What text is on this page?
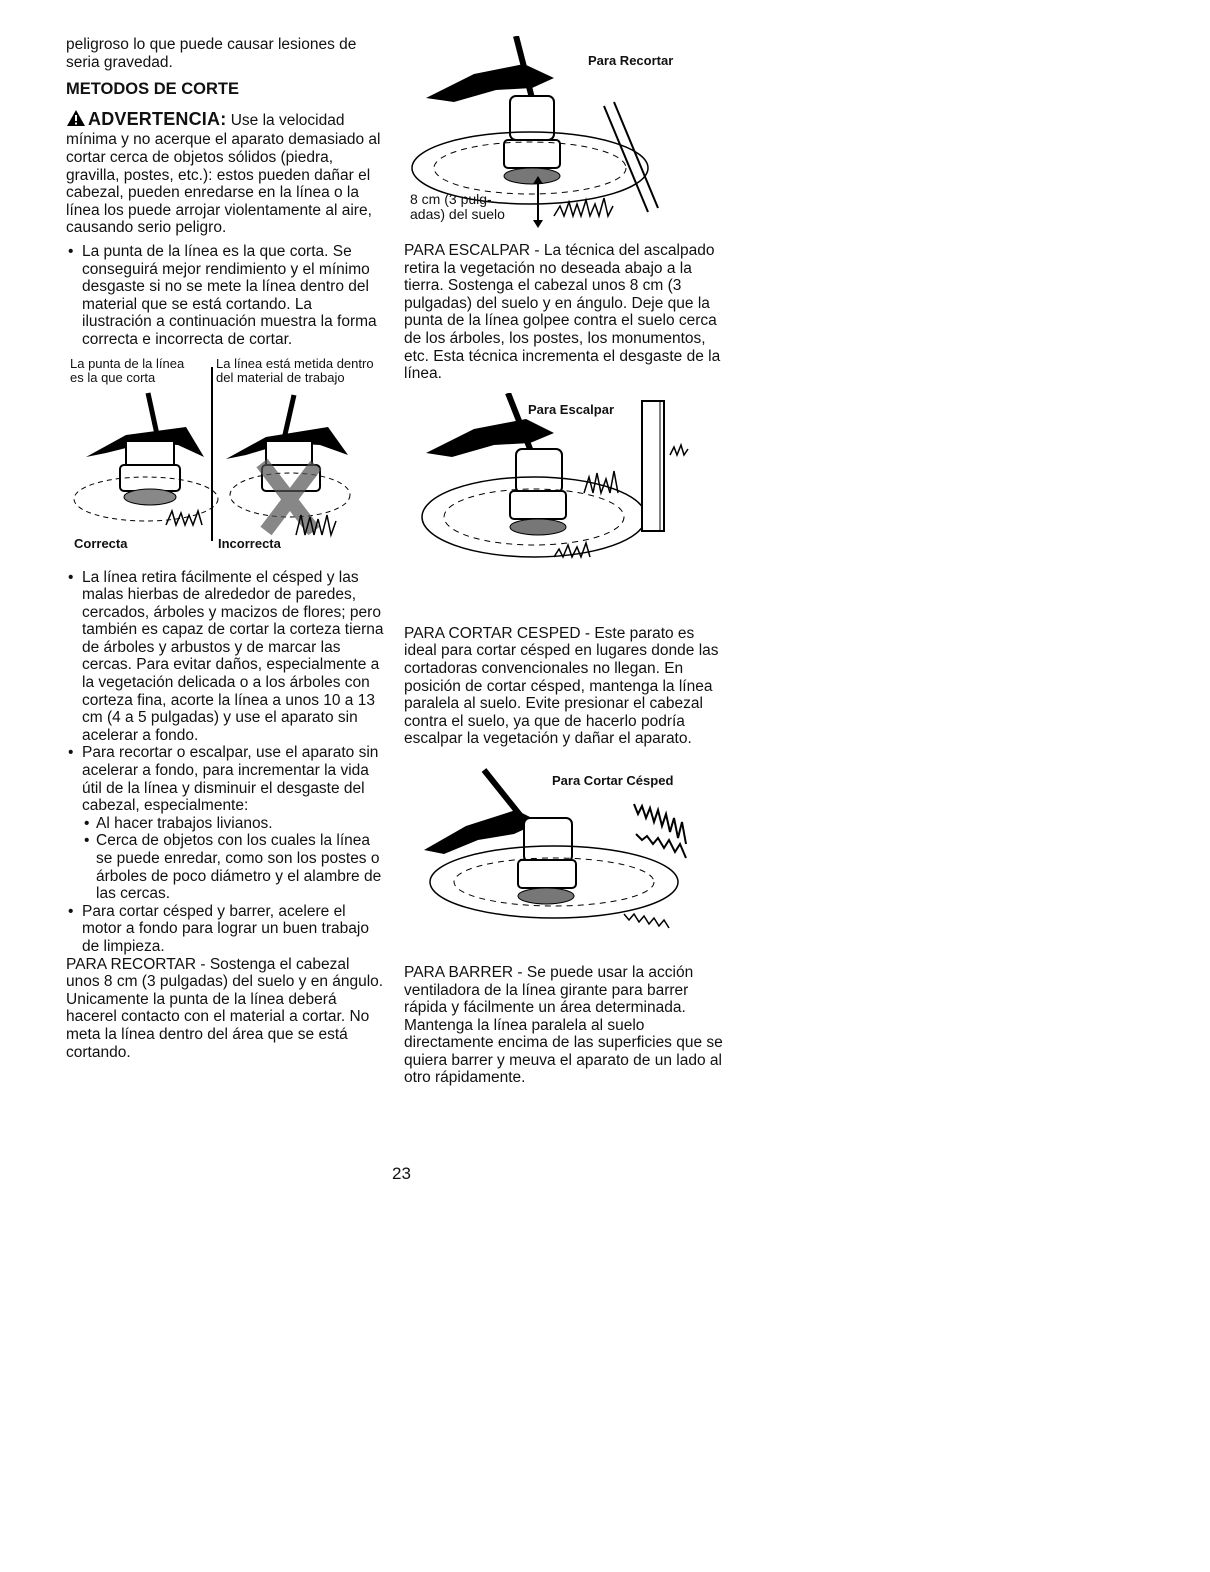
peligroso lo que puede causar lesiones de seria gravedad.

METODOS DE CORTE

ADVERTENCIA: Use la velocidad mínima y no acerque el aparato demasiado al cortar cerca de objetos sólidos (piedra, gravilla, postes, etc.): estos pueden dañar el cabezal, pueden enredarse en la línea o la línea los puede arrojar violentamente al aire, causando serio peligro.

• La punta de la línea es la que corta. Se conseguirá mejor rendimiento y el mínimo desgaste si no se mete la línea dentro del material que se está cortando. La ilustración a continuación muestra la forma correcta e incorrecta de cortar.
La punta de la línea es la que corta
La línea está metida dentro del material de trabajo
Correcta	Incorrecta
• La línea retira fácilmente el césped y las malas hierbas de alrededor de paredes, cercados, árboles y macizos de flores; pero también es capaz de cortar la corteza tierna de árboles y arbustos y de marcar las cercas. Para evitar daños, especialmente a la vegetación delicada o a los árboles con corteza fina, acorte la línea a unos 10 a 13 cm (4 a 5 pulgadas) y use el aparato sin acelerar a fondo.
• Para recortar o escalpar, use el aparato sin acelerar a fondo, para incrementar la vida útil de la línea y disminuir el desgaste del cabezal, especialmente:
• Al hacer trabajos livianos.
• Cerca de objetos con los cuales la línea se puede enredar, como son los postes o árboles de poco diámetro y el alambre de las cercas.
• Para cortar césped y barrer, acelere el motor a fondo para lograr un buen trabajo de limpieza.

PARA RECORTAR - Sostenga el cabezal unos 8 cm (3 pulgadas) del suelo y en ángulo. Unicamente la punta de la línea deberá hacerel contacto con el material a cortar. No meta la línea dentro del área que se está cortando.

Para Recortar
8 cm (3 pulgadas) del suelo

PARA ESCALPAR - La técnica del ascalpado retira la vegetación no deseada abajo a la tierra. Sostenga el cabezal unos 8 cm (3 pulgadas) del suelo y en ángulo. Deje que la punta de la línea golpee contra el suelo cerca de los árboles, los postes, los monumentos, etc. Esta técnica incrementa el desgaste de la línea.

Para Escalpar

PARA CORTAR CESPED - Este parato es ideal para cortar césped en lugares donde las cortadoras convencionales no llegan. En posición de cortar césped, mantenga la línea paralela al suelo. Evite presionar el cabezal contra el suelo, ya que de hacerlo podría escalpar la vegetación y dañar el aparato.

Para Cortar Césped

PARA BARRER - Se puede usar la acción ventiladora de la línea girante para barrer rápida y fácilmente un área determinada. Mantenga la línea paralela al suelo directamente encima de las superficies que se quiera barrer y meuva el aparato de un lado al otro rápidamente.

23
